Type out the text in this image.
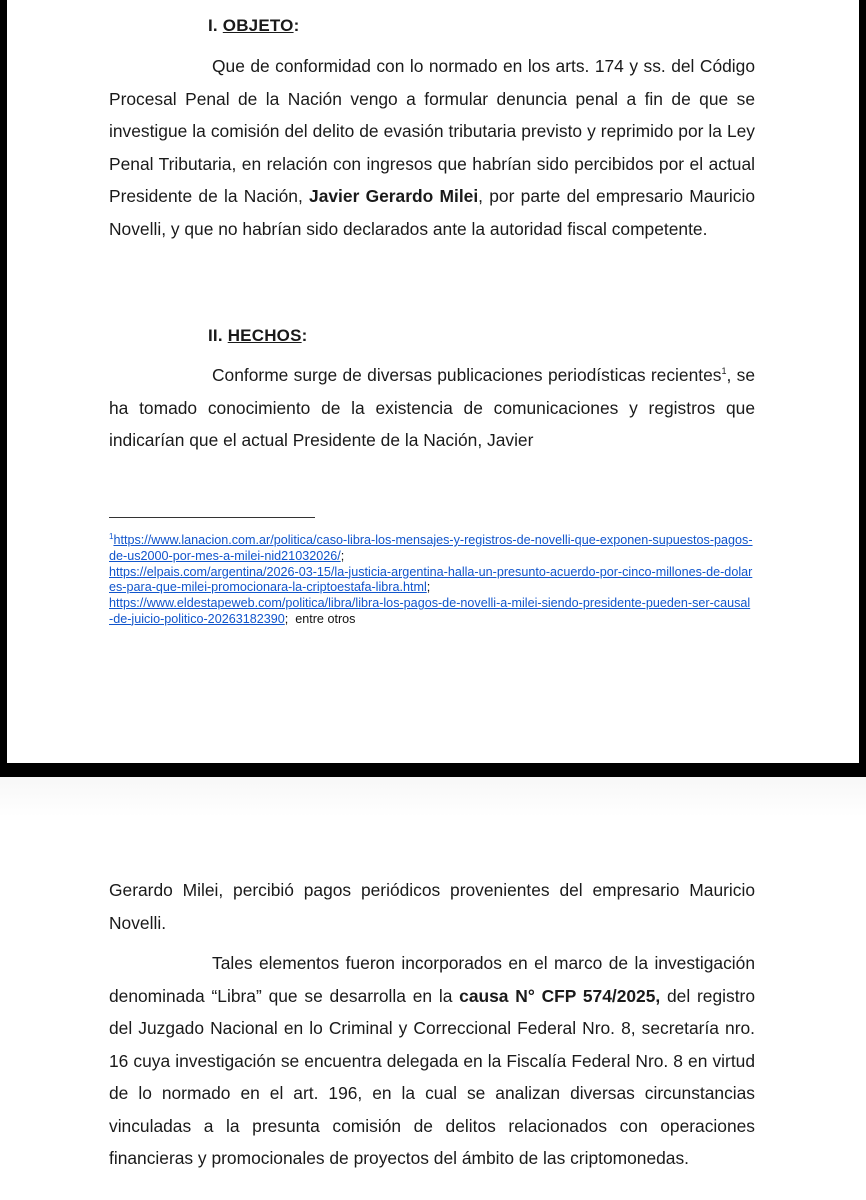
I. OBJETO:

Que de conformidad con lo normado en los arts. 174 y ss. del Código Procesal Penal de la Nación vengo a formular denuncia penal a fin de que se investigue la comisión del delito de evasión tributaria previsto y reprimido por la Ley Penal Tributaria, en relación con ingresos que habrían sido percibidos por el actual Presidente de la Nación, Javier Gerardo Milei, por parte del empresario Mauricio Novelli, y que no habrían sido declarados ante la autoridad fiscal competente.

II. HECHOS:

Conforme surge de diversas publicaciones periodísticas recientes$^1$, se ha tomado conocimiento de la existencia de comunicaciones y registros que indicarían que el actual Presidente de la Nación, Javier

$^1$https://www.lanacion.com.ar/politica/caso-libra-los-mensajes-y-registros-de-novelli-que-exponen-supuestos-pagos-de-us2000-por-mes-a-milei-nid21032026/;
https://elpais.com/argentina/2026-03-15/la-justicia-argentina-halla-un-presunto-acuerdo-por-cinco-millones-de-dolares-para-que-milei-promocionara-la-criptoestafa-libra.html;
https://www.eldestapeweb.com/politica/libra/libra-los-pagos-de-novelli-a-milei-siendo-presidente-pueden-ser-causal-de-juicio-politico-20263182390; entre otros

Gerardo Milei, percibió pagos periódicos provenientes del empresario Mauricio Novelli.

Tales elementos fueron incorporados en el marco de la investigación denominada “Libra” que se desarrolla en la causa N° CFP 574/2025, del registro del Juzgado Nacional en lo Criminal y Correccional Federal Nro. 8, secretaría nro. 16 cuya investigación se encuentra delegada en la Fiscalía Federal Nro. 8 en virtud de lo normado en el art. 196, en la cual se analizan diversas circunstancias vinculadas a la presunta comisión de delitos relacionados con operaciones financieras y promocionales de proyectos del ámbito de las criptomonedas.
